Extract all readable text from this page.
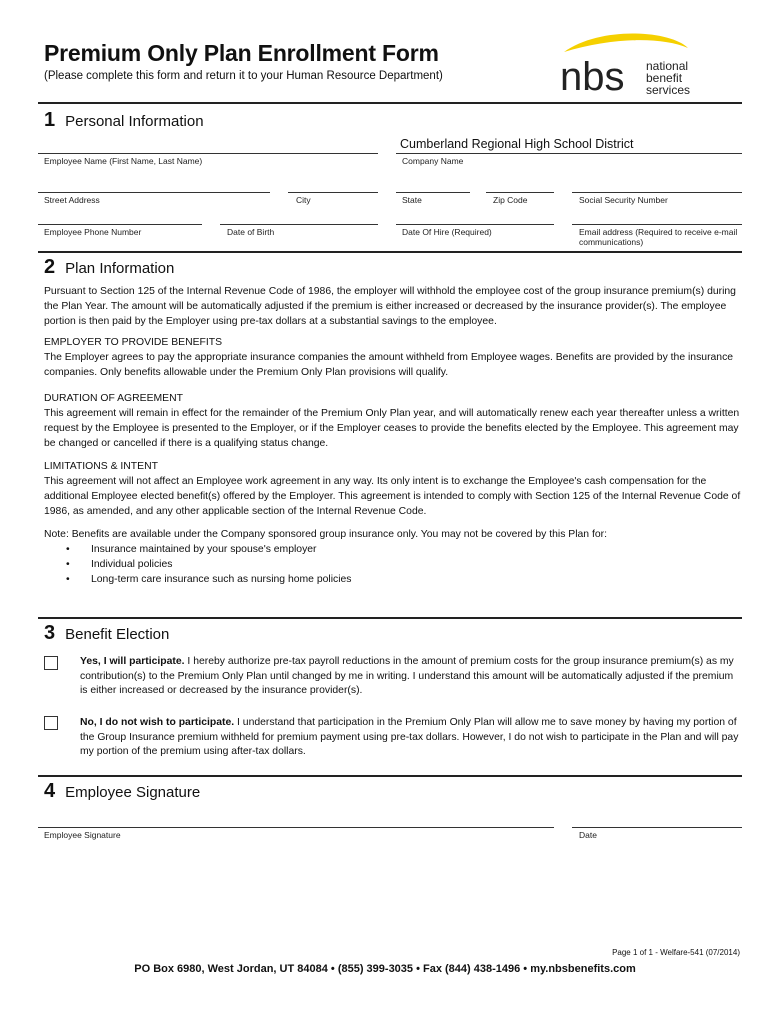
Premium Only Plan Enrollment Form
(Please complete this form and return it to your Human Resource Department)	nbs national
benefit
services
1 Personal Information
Cumberland Regional High School District
Employee Name (First Name, Last Name)	Company Name
Street Address	City	State	Zip Code	Social Security Number
Employee Phone Number	Date of Birth	Date Of Hire (Required)	Email address (Required to receive e-mail
communications)
2 Plan Information

Pursuant to Section 125 of the Internal Revenue Code of 1986, the employer will withhold the employee cost of the group insurance premium(s) during the Plan Year. The amount will be automatically adjusted if the premium is either increased or decreased by the insurance provider(s). The employee portion is then paid by the Employer using pre-tax dollars at a substantial savings to the employee.

EMPLOYER TO PROVIDE BENEFITS

The Employer agrees to pay the appropriate insurance companies the amount withheld from Employee wages. Benefits are provided by the insurance companies. Only benefits allowable under the Premium Only Plan provisions will qualify.

DURATION OF AGREEMENT

This agreement will remain in effect for the remainder of the Premium Only Plan year, and will automatically renew each year thereafter unless a written request by the Employee is presented to the Employer, or if the Employer ceases to provide the benefits elected by the Employee. This agreement may be changed or cancelled if there is a qualifying status change.

LIMITATIONS & INTENT

This agreement will not affect an Employee work agreement in any way. Its only intent is to exchange the Employee's cash compensation for the additional Employee elected benefit(s) offered by the Employer. This agreement is intended to comply with Section 125 of the Internal Revenue Code of 1986, as amended, and any other applicable section of the Internal Revenue Code.

Note: Benefits are available under the Company sponsored group insurance only. You may not be covered by this Plan for:

• Insurance maintained by your spouse's employer
• Individual policies
• Long-term care insurance such as nursing home policies
3 Benefit Election
Yes, I will participate. I hereby authorize pre-tax payroll reductions in the amount of premium costs for the group insurance premium(s) as my contribution(s) to the Premium Only Plan until changed by me in writing. I understand this amount will be automatically adjusted if the premium is either increased or decreased by the insurance provider(s).
No, I do not wish to participate. I understand that participation in the Premium Only Plan will allow me to save money by having my portion of the Group Insurance premium withheld for premium payment using pre-tax dollars. However, I do not wish to participate in the Plan and will pay my portion of the premium using after-tax dollars.
4 Employee Signature
Employee Signature	Date
Page 1 of 1 - Welfare-541 (07/2014)
PO Box 6980, West Jordan, UT 84084 • (855) 399-3035 • Fax (844) 438-1496 • my.nbsbenefits.com
